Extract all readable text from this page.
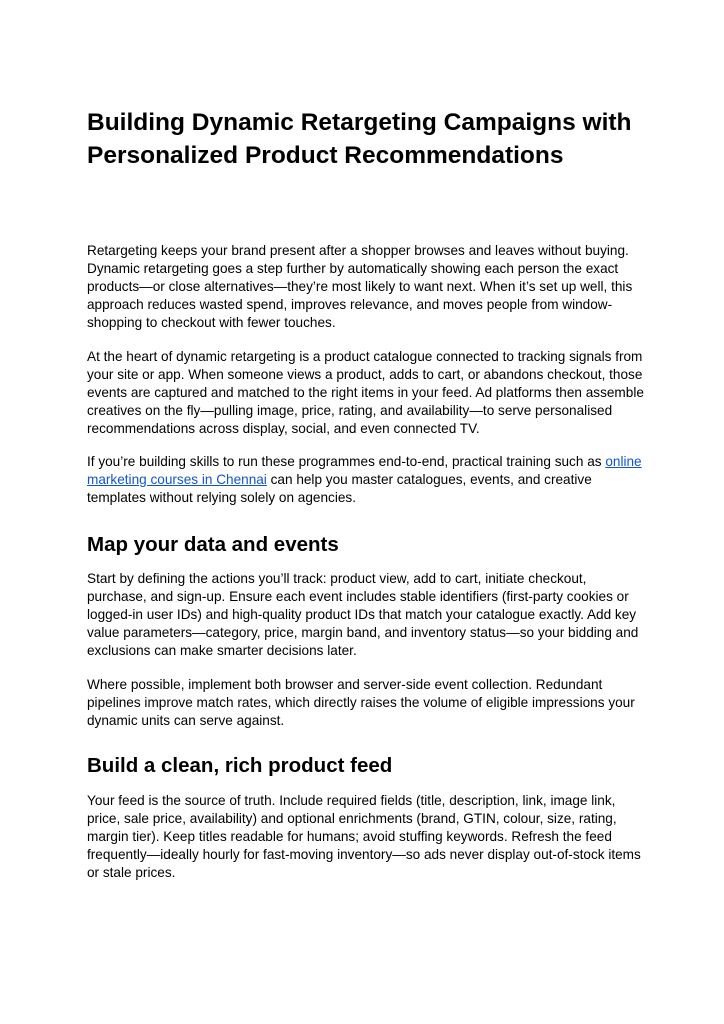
Building Dynamic Retargeting Campaigns with Personalized Product Recommendations

Retargeting keeps your brand present after a shopper browses and leaves without buying. Dynamic retargeting goes a step further by automatically showing each person the exact products—or close alternatives—they’re most likely to want next. When it’s set up well, this approach reduces wasted spend, improves relevance, and moves people from window-shopping to checkout with fewer touches.

At the heart of dynamic retargeting is a product catalogue connected to tracking signals from your site or app. When someone views a product, adds to cart, or abandons checkout, those events are captured and matched to the right items in your feed. Ad platforms then assemble creatives on the fly—pulling image, price, rating, and availability—to serve personalised recommendations across display, social, and even connected TV.

If you’re building skills to run these programmes end-to-end, practical training such as online marketing courses in Chennai can help you master catalogues, events, and creative templates without relying solely on agencies.

Map your data and events

Start by defining the actions you’ll track: product view, add to cart, initiate checkout, purchase, and sign-up. Ensure each event includes stable identifiers (first-party cookies or logged-in user IDs) and high-quality product IDs that match your catalogue exactly. Add key value parameters—category, price, margin band, and inventory status—so your bidding and exclusions can make smarter decisions later.

Where possible, implement both browser and server-side event collection. Redundant pipelines improve match rates, which directly raises the volume of eligible impressions your dynamic units can serve against.

Build a clean, rich product feed

Your feed is the source of truth. Include required fields (title, description, link, image link, price, sale price, availability) and optional enrichments (brand, GTIN, colour, size, rating, margin tier). Keep titles readable for humans; avoid stuffing keywords. Refresh the feed frequently—ideally hourly for fast-moving inventory—so ads never display out-of-stock items or stale prices.
